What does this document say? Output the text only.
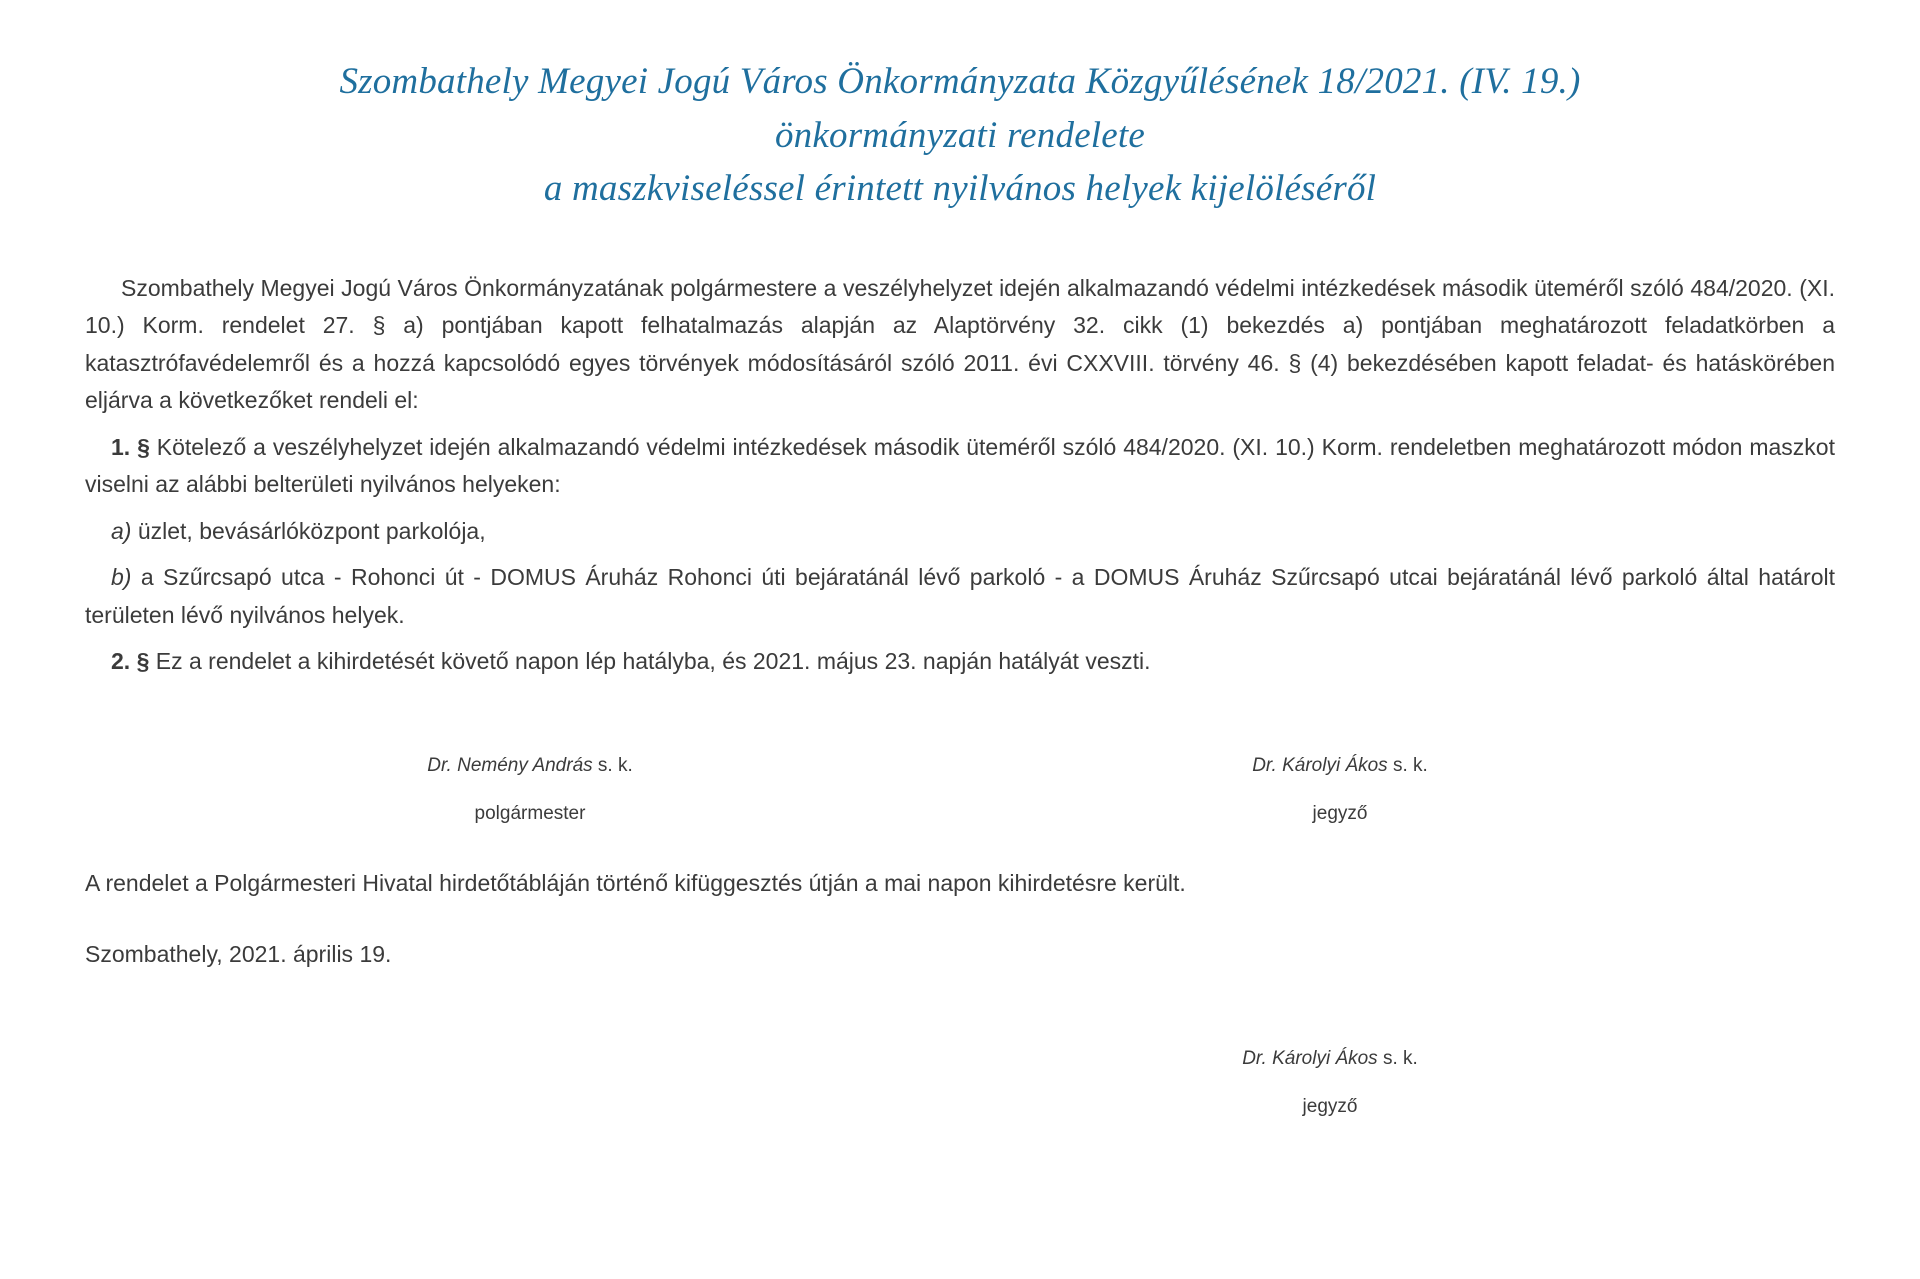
Szombathely Megyei Jogú Város Önkormányzata Közgyűlésének 18/2021. (IV. 19.)
önkormányzati rendelete
a maszkviseléssel érintett nyilvános helyek kijelöléséről

Szombathely Megyei Jogú Város Önkormányzatának polgármestere a veszélyhelyzet idején alkalmazandó védelmi intézkedések második üteméről szóló 484/2020. (XI. 10.) Korm. rendelet 27. § a) pontjában kapott felhatalmazás alapján az Alaptörvény 32. cikk (1) bekezdés a) pontjában meghatározott feladatkörben a katasztrófavédelemről és a hozzá kapcsolódó egyes törvények módosításáról szóló 2011. évi CXXVIII. törvény 46. § (4) bekezdésében kapott feladat- és hatáskörében eljárva a következőket rendeli el:

1. § Kötelező a veszélyhelyzet idején alkalmazandó védelmi intézkedések második üteméről szóló 484/2020. (XI. 10.) Korm. rendeletben meghatározott módon maszkot viselni az alábbi belterületi nyilvános helyeken:

a) üzlet, bevásárlóközpont parkolója,

b) a Szűrcsapó utca - Rohonci út - DOMUS Áruház Rohonci úti bejáratánál lévő parkoló - a DOMUS Áruház Szűrcsapó utcai bejáratánál lévő parkoló által határolt területen lévő nyilvános helyek.

2. § Ez a rendelet a kihirdetését követő napon lép hatályba, és 2021. május 23. napján hatályát veszti.

Dr. Nemény András s. k.
polgármester
Dr. Károlyi Ákos s. k.
jegyző
A rendelet a Polgármesteri Hivatal hirdetőtábláján történő kifüggesztés útján a mai napon kihirdetésre került.
Szombathely, 2021. április 19.
Dr. Károlyi Ákos s. k.
jegyző
